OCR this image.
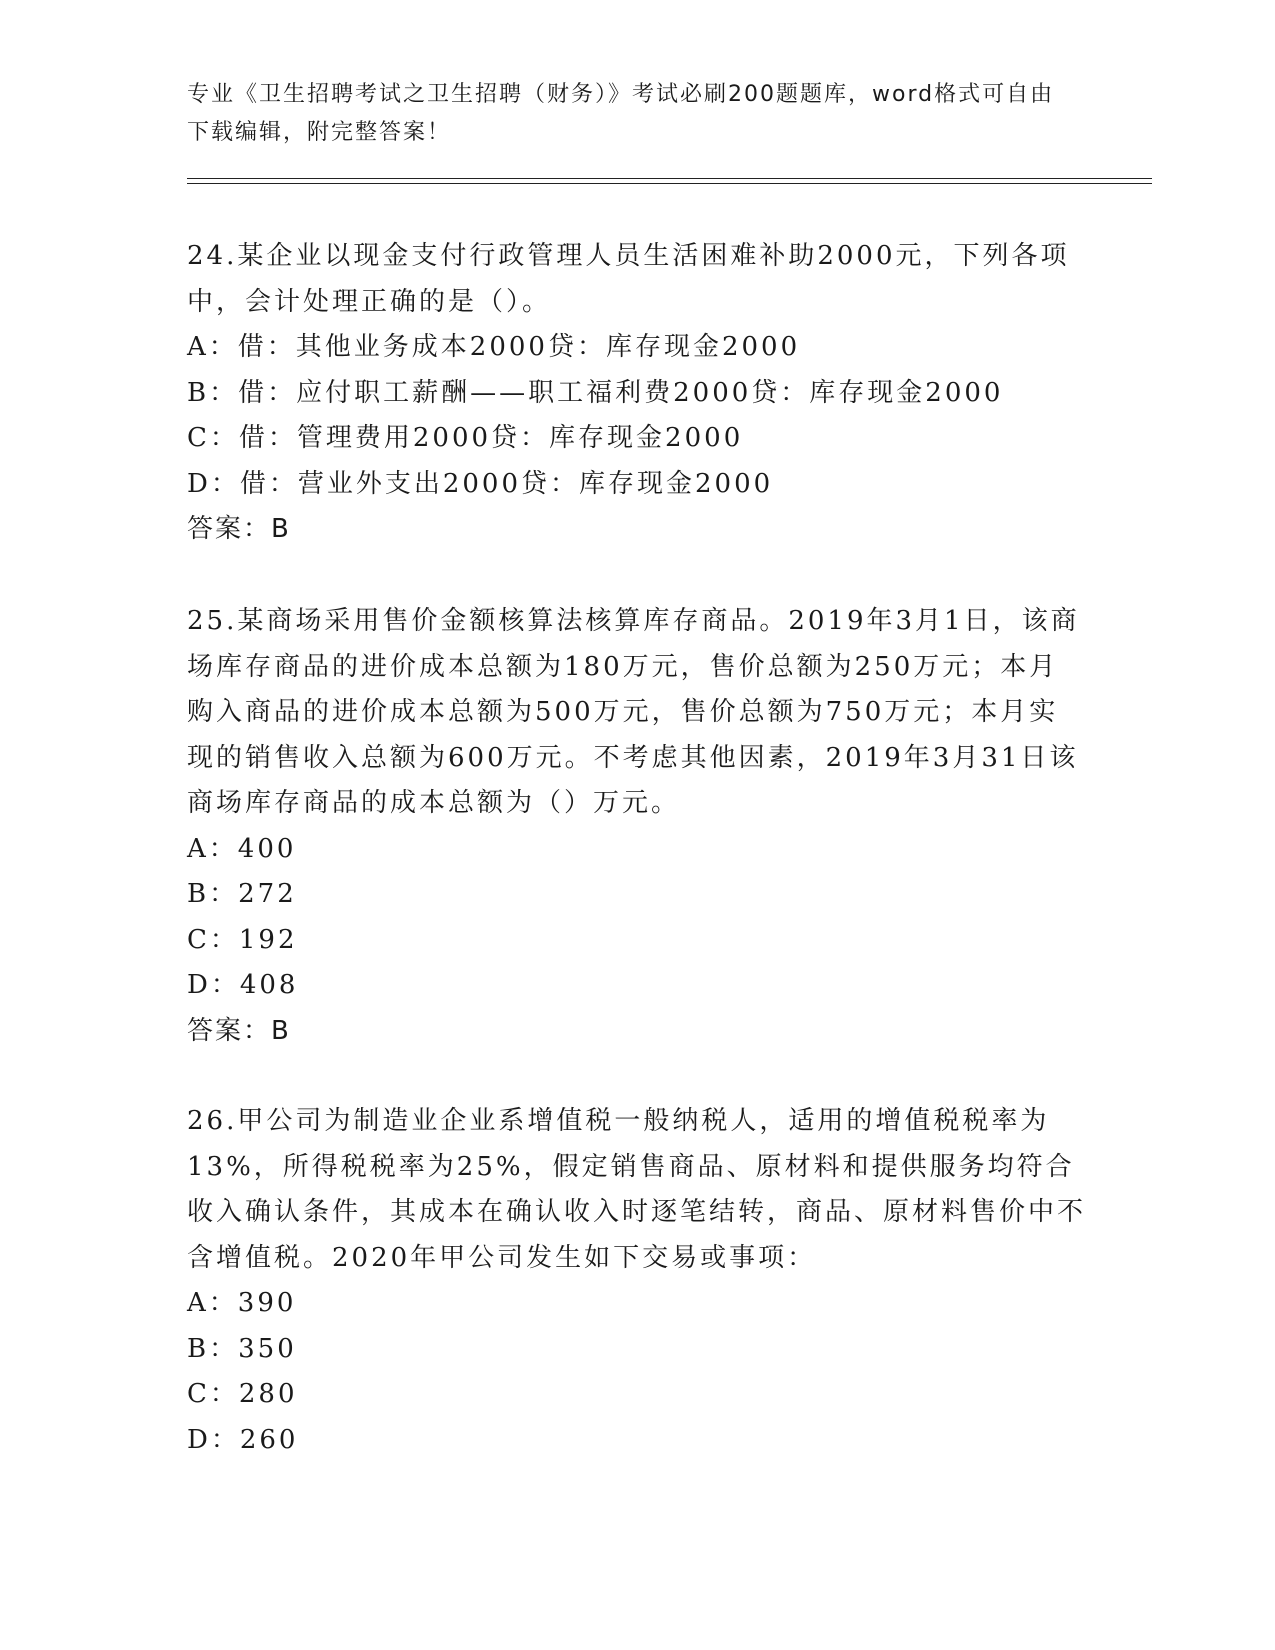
专业《卫生招聘考试之卫生招聘（财务）》考试必刷200题题库，word格式可自由下载编辑，附完整答案！

24.某企业以现金支付行政管理人员生活困难补助2000元，下列各项中，会计处理正确的是（）。

A：借：其他业务成本2000贷：库存现金2000
B：借：应付职工薪酬——职工福利费2000贷：库存现金2000
C：借：管理费用2000贷：库存现金2000
D：借：营业外支出2000贷：库存现金2000

答案：B

25.某商场采用售价金额核算法核算库存商品。2019年3月1日，该商场库存商品的进价成本总额为180万元，售价总额为250万元；本月购入商品的进价成本总额为500万元，售价总额为750万元；本月实现的销售收入总额为600万元。不考虑其他因素，2019年3月31日该商场库存商品的成本总额为（）万元。

A：400
B：272
C：192
D：408

答案：B

26.甲公司为制造业企业系增值税一般纳税人，适用的增值税税率为13%，所得税税率为25%，假定销售商品、原材料和提供服务均符合收入确认条件，其成本在确认收入时逐笔结转，商品、原材料售价中不含增值税。2020年甲公司发生如下交易或事项：

A：390
B：350
C：280
D：260
